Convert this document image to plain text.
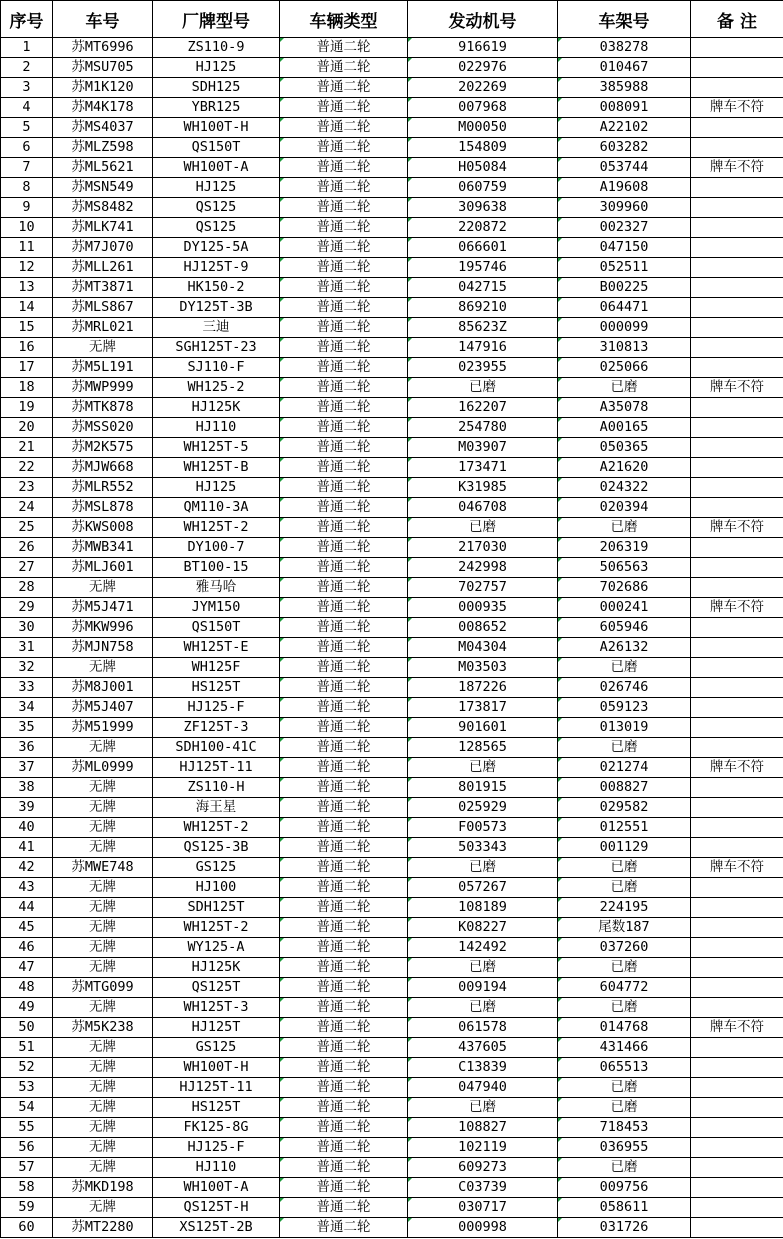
序号	车号	厂牌型号	车辆类型	发动机号	车架号	备 注
1	苏MT6996	ZS110-9	普通二轮	916619	038278	
2	苏MSU705	HJ125	普通二轮	022976	010467	
3	苏M1K120	SDH125	普通二轮	202269	385988	
4	苏M4K178	YBR125	普通二轮	007968	008091	牌车不符
5	苏MS4037	WH100T-H	普通二轮	M00050	A22102	
6	苏MLZ598	QS150T	普通二轮	154809	603282	
7	苏ML5621	WH100T-A	普通二轮	H05084	053744	牌车不符
8	苏MSN549	HJ125	普通二轮	060759	A19608	
9	苏MS8482	QS125	普通二轮	309638	309960	
10	苏MLK741	QS125	普通二轮	220872	002327	
11	苏M7J070	DY125-5A	普通二轮	066601	047150	
12	苏MLL261	HJ125T-9	普通二轮	195746	052511	
13	苏MT3871	HK150-2	普通二轮	042715	B00225	
14	苏MLS867	DY125T-3B	普通二轮	869210	064471	
15	苏MRL021	三迪	普通二轮	85623Z	000099	
16	无牌	SGH125T-23	普通二轮	147916	310813	
17	苏M5L191	SJ110-F	普通二轮	023955	025066	
18	苏MWP999	WH125-2	普通二轮	已磨	已磨	牌车不符
19	苏MTK878	HJ125K	普通二轮	162207	A35078	
20	苏MSS020	HJ110	普通二轮	254780	A00165	
21	苏M2K575	WH125T-5	普通二轮	M03907	050365	
22	苏MJW668	WH125T-B	普通二轮	173471	A21620	
23	苏MLR552	HJ125	普通二轮	K31985	024322	
24	苏MSL878	QM110-3A	普通二轮	046708	020394	
25	苏KWS008	WH125T-2	普通二轮	已磨	已磨	牌车不符
26	苏MWB341	DY100-7	普通二轮	217030	206319	
27	苏MLJ601	BT100-15	普通二轮	242998	506563	
28	无牌	雅马哈	普通二轮	702757	702686	
29	苏M5J471	JYM150	普通二轮	000935	000241	牌车不符
30	苏MKW996	QS150T	普通二轮	008652	605946	
31	苏MJN758	WH125T-E	普通二轮	M04304	A26132	
32	无牌	WH125F	普通二轮	M03503	已磨	
33	苏M8J001	HS125T	普通二轮	187226	026746	
34	苏M5J407	HJ125-F	普通二轮	173817	059123	
35	苏M51999	ZF125T-3	普通二轮	901601	013019	
36	无牌	SDH100-41C	普通二轮	128565	已磨	
37	苏ML0999	HJ125T-11	普通二轮	已磨	021274	牌车不符
38	无牌	ZS110-H	普通二轮	801915	008827	
39	无牌	海王星	普通二轮	025929	029582	
40	无牌	WH125T-2	普通二轮	F00573	012551	
41	无牌	QS125-3B	普通二轮	503343	001129	
42	苏MWE748	GS125	普通二轮	已磨	已磨	牌车不符
43	无牌	HJ100	普通二轮	057267	已磨	
44	无牌	SDH125T	普通二轮	108189	224195	
45	无牌	WH125T-2	普通二轮	K08227	尾数187	
46	无牌	WY125-A	普通二轮	142492	037260	
47	无牌	HJ125K	普通二轮	已磨	已磨	
48	苏MTG099	QS125T	普通二轮	009194	604772	
49	无牌	WH125T-3	普通二轮	已磨	已磨	
50	苏M5K238	HJ125T	普通二轮	061578	014768	牌车不符
51	无牌	GS125	普通二轮	437605	431466	
52	无牌	WH100T-H	普通二轮	C13839	065513	
53	无牌	HJ125T-11	普通二轮	047940	已磨	
54	无牌	HS125T	普通二轮	已磨	已磨	
55	无牌	FK125-8G	普通二轮	108827	718453	
56	无牌	HJ125-F	普通二轮	102119	036955	
57	无牌	HJ110	普通二轮	609273	已磨	
58	苏MKD198	WH100T-A	普通二轮	C03739	009756	
59	无牌	QS125T-H	普通二轮	030717	058611	
60	苏MT2280	XS125T-2B	普通二轮	000998	031726	
